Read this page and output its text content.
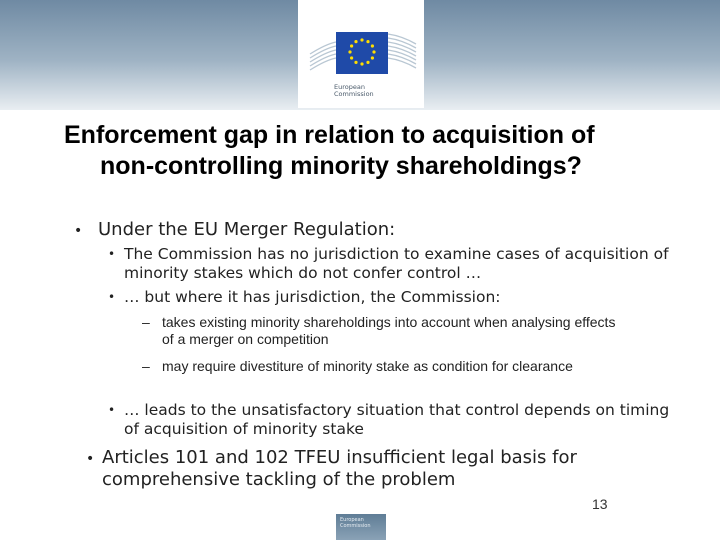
European
Commission
Enforcement gap in relation to acquisition of
non-controlling minority shareholdings?
• Under the EU Merger Regulation:
• The Commission has no jurisdiction to examine cases of acquisition of minority stakes which do not confer control …
• … but where it has jurisdiction, the Commission:
– takes existing minority shareholdings into account when analysing effects of a merger on competition
– may require divestiture of minority stake as condition for clearance
• … leads to the unsatisfactory situation that control depends on timing of acquisition of minority stake
• Articles 101 and 102 TFEU insufficient legal basis for comprehensive tackling of the problem
13
European Commission
